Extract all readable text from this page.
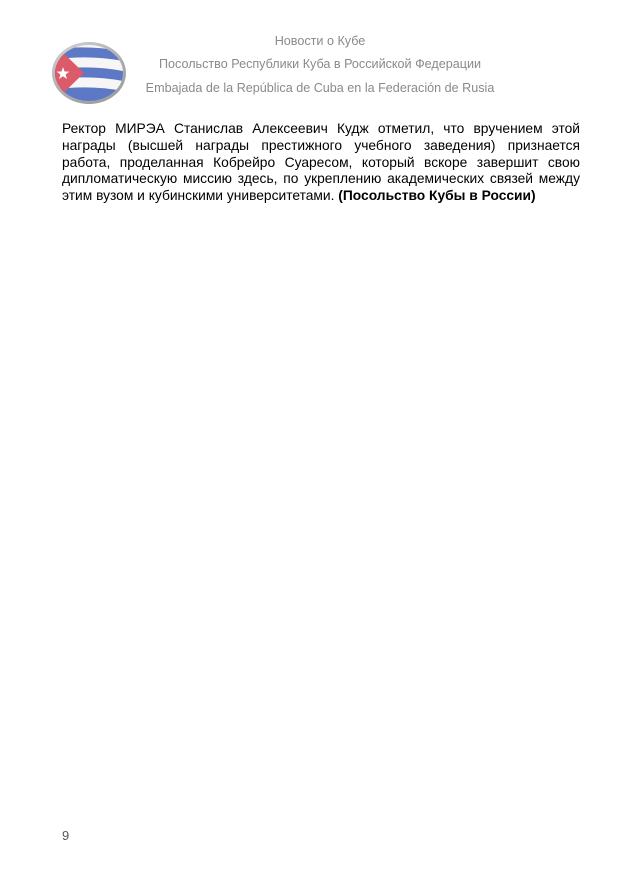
Новости о Кубе
Посольство Республики Куба в Российской Федерации
Embajada de la República de Cuba en la Federación de Rusia
Ректор МИРЭА Станислав Алексеевич Кудж отметил, что вручением этой награды (высшей награды престижного учебного заведения) признается работа, проделанная Кобрейро Суаресом, который вскоре завершит свою дипломатическую миссию здесь, по укреплению академических связей между этим вузом и кубинскими университетами. (Посольство Кубы в России)
9
